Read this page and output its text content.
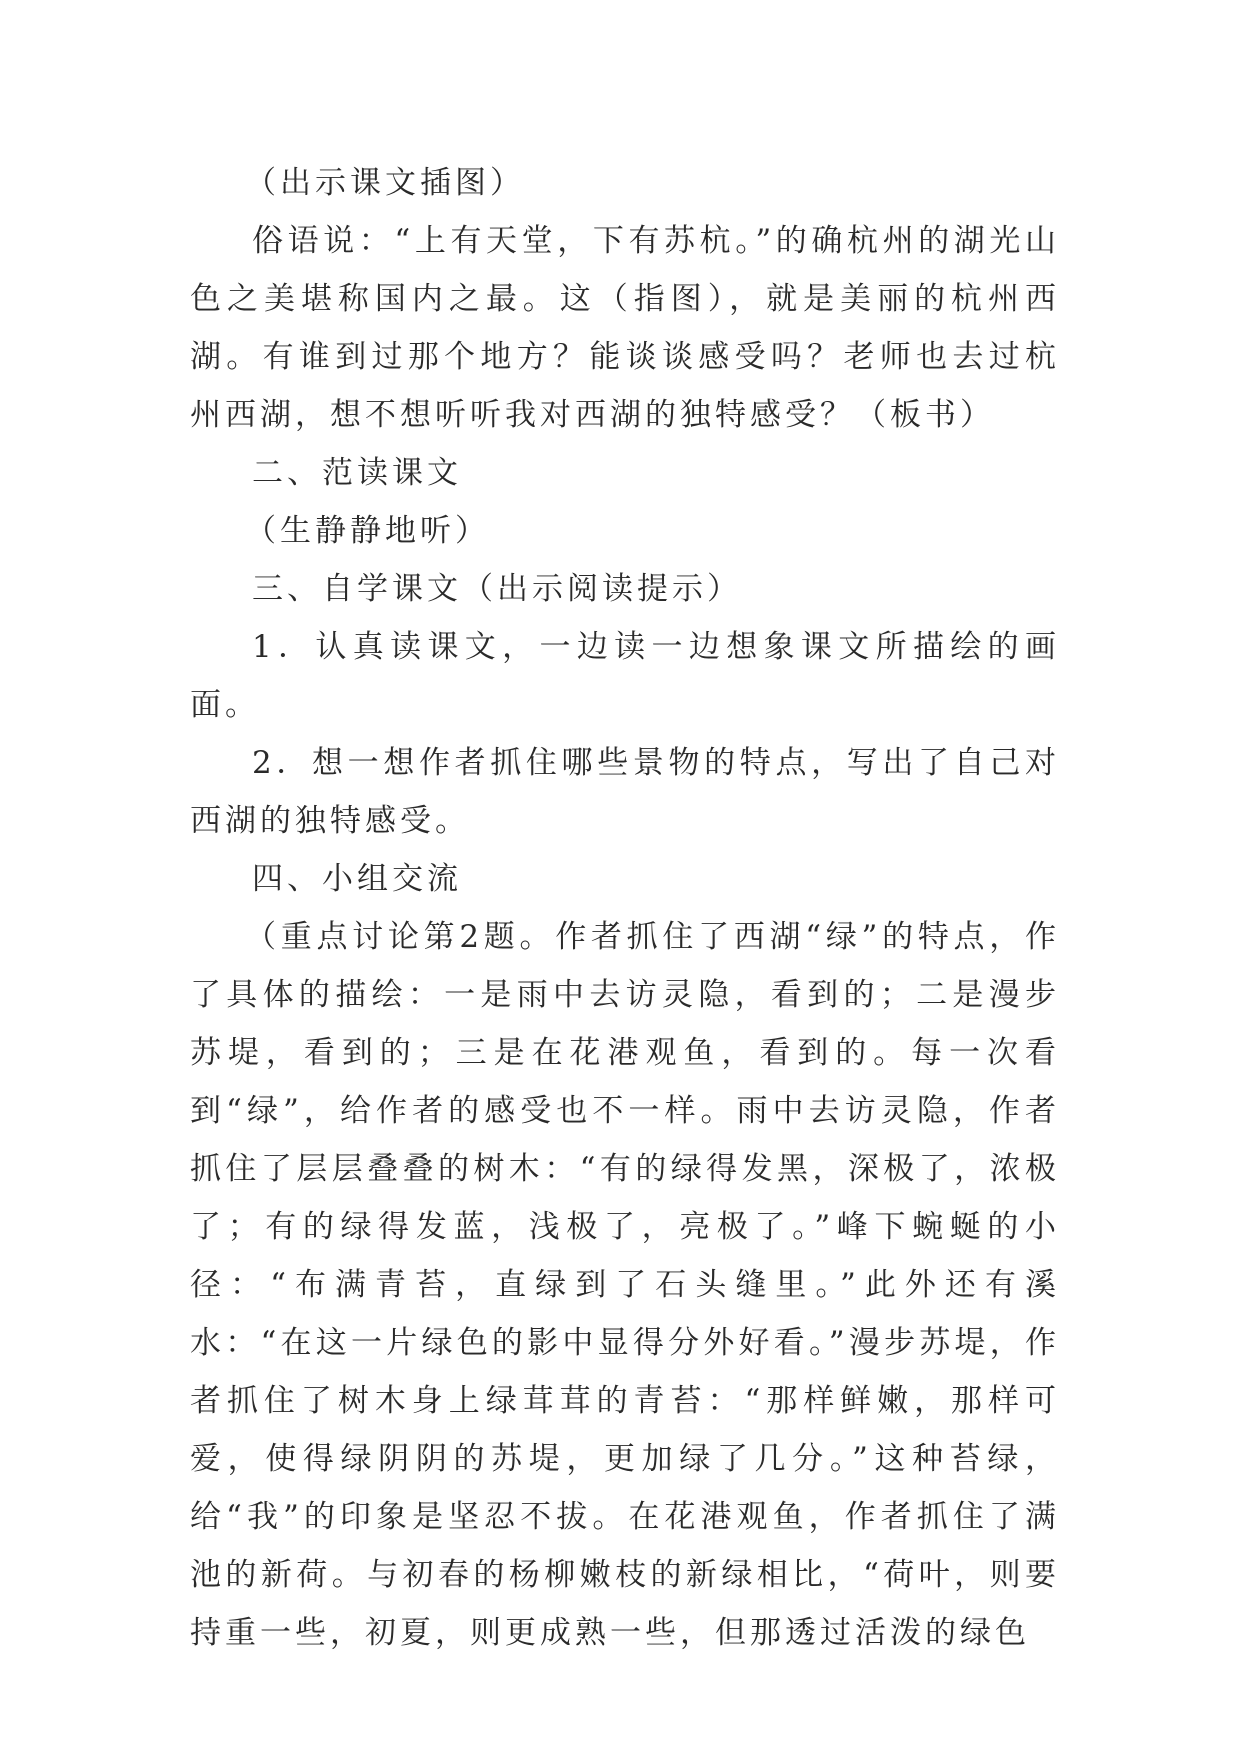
（出示课文插图）

俗语说：“上有天堂，下有苏杭。”的确杭州的湖光山色之美堪称国内之最。这（指图），就是美丽的杭州西湖。有谁到过那个地方？能谈谈感受吗？老师也去过杭州西湖，想不想听听我对西湖的独特感受？（板书）

二、范读课文

（生静静地听）

三、自学课文（出示阅读提示）

1．认真读课文，一边读一边想象课文所描绘的画面。

2．想一想作者抓住哪些景物的特点，写出了自己对西湖的独特感受。

四、小组交流

（重点讨论第2题。作者抓住了西湖“绿”的特点，作了具体的描绘：一是雨中去访灵隐，看到的；二是漫步苏堤，看到的；三是在花港观鱼，看到的。每一次看到“绿”，给作者的感受也不一样。雨中去访灵隐，作者抓住了层层叠叠的树木：“有的绿得发黑，深极了，浓极了；有的绿得发蓝，浅极了，亮极了。”峰下蜿蜒的小径：“布满青苔，直绿到了石头缝里。”此外还有溪水：“在这一片绿色的影中显得分外好看。”漫步苏堤，作者抓住了树木身上绿茸茸的青苔：“那样鲜嫩，那样可爱，使得绿阴阴的苏堤，更加绿了几分。”这种苔绿，给“我”的印象是坚忍不拔。在花港观鱼，作者抓住了满池的新荷。与初春的杨柳嫩枝的新绿相比，“荷叶，则要持重一些，初夏，则更成熟一些，但那透过活泼的绿色
